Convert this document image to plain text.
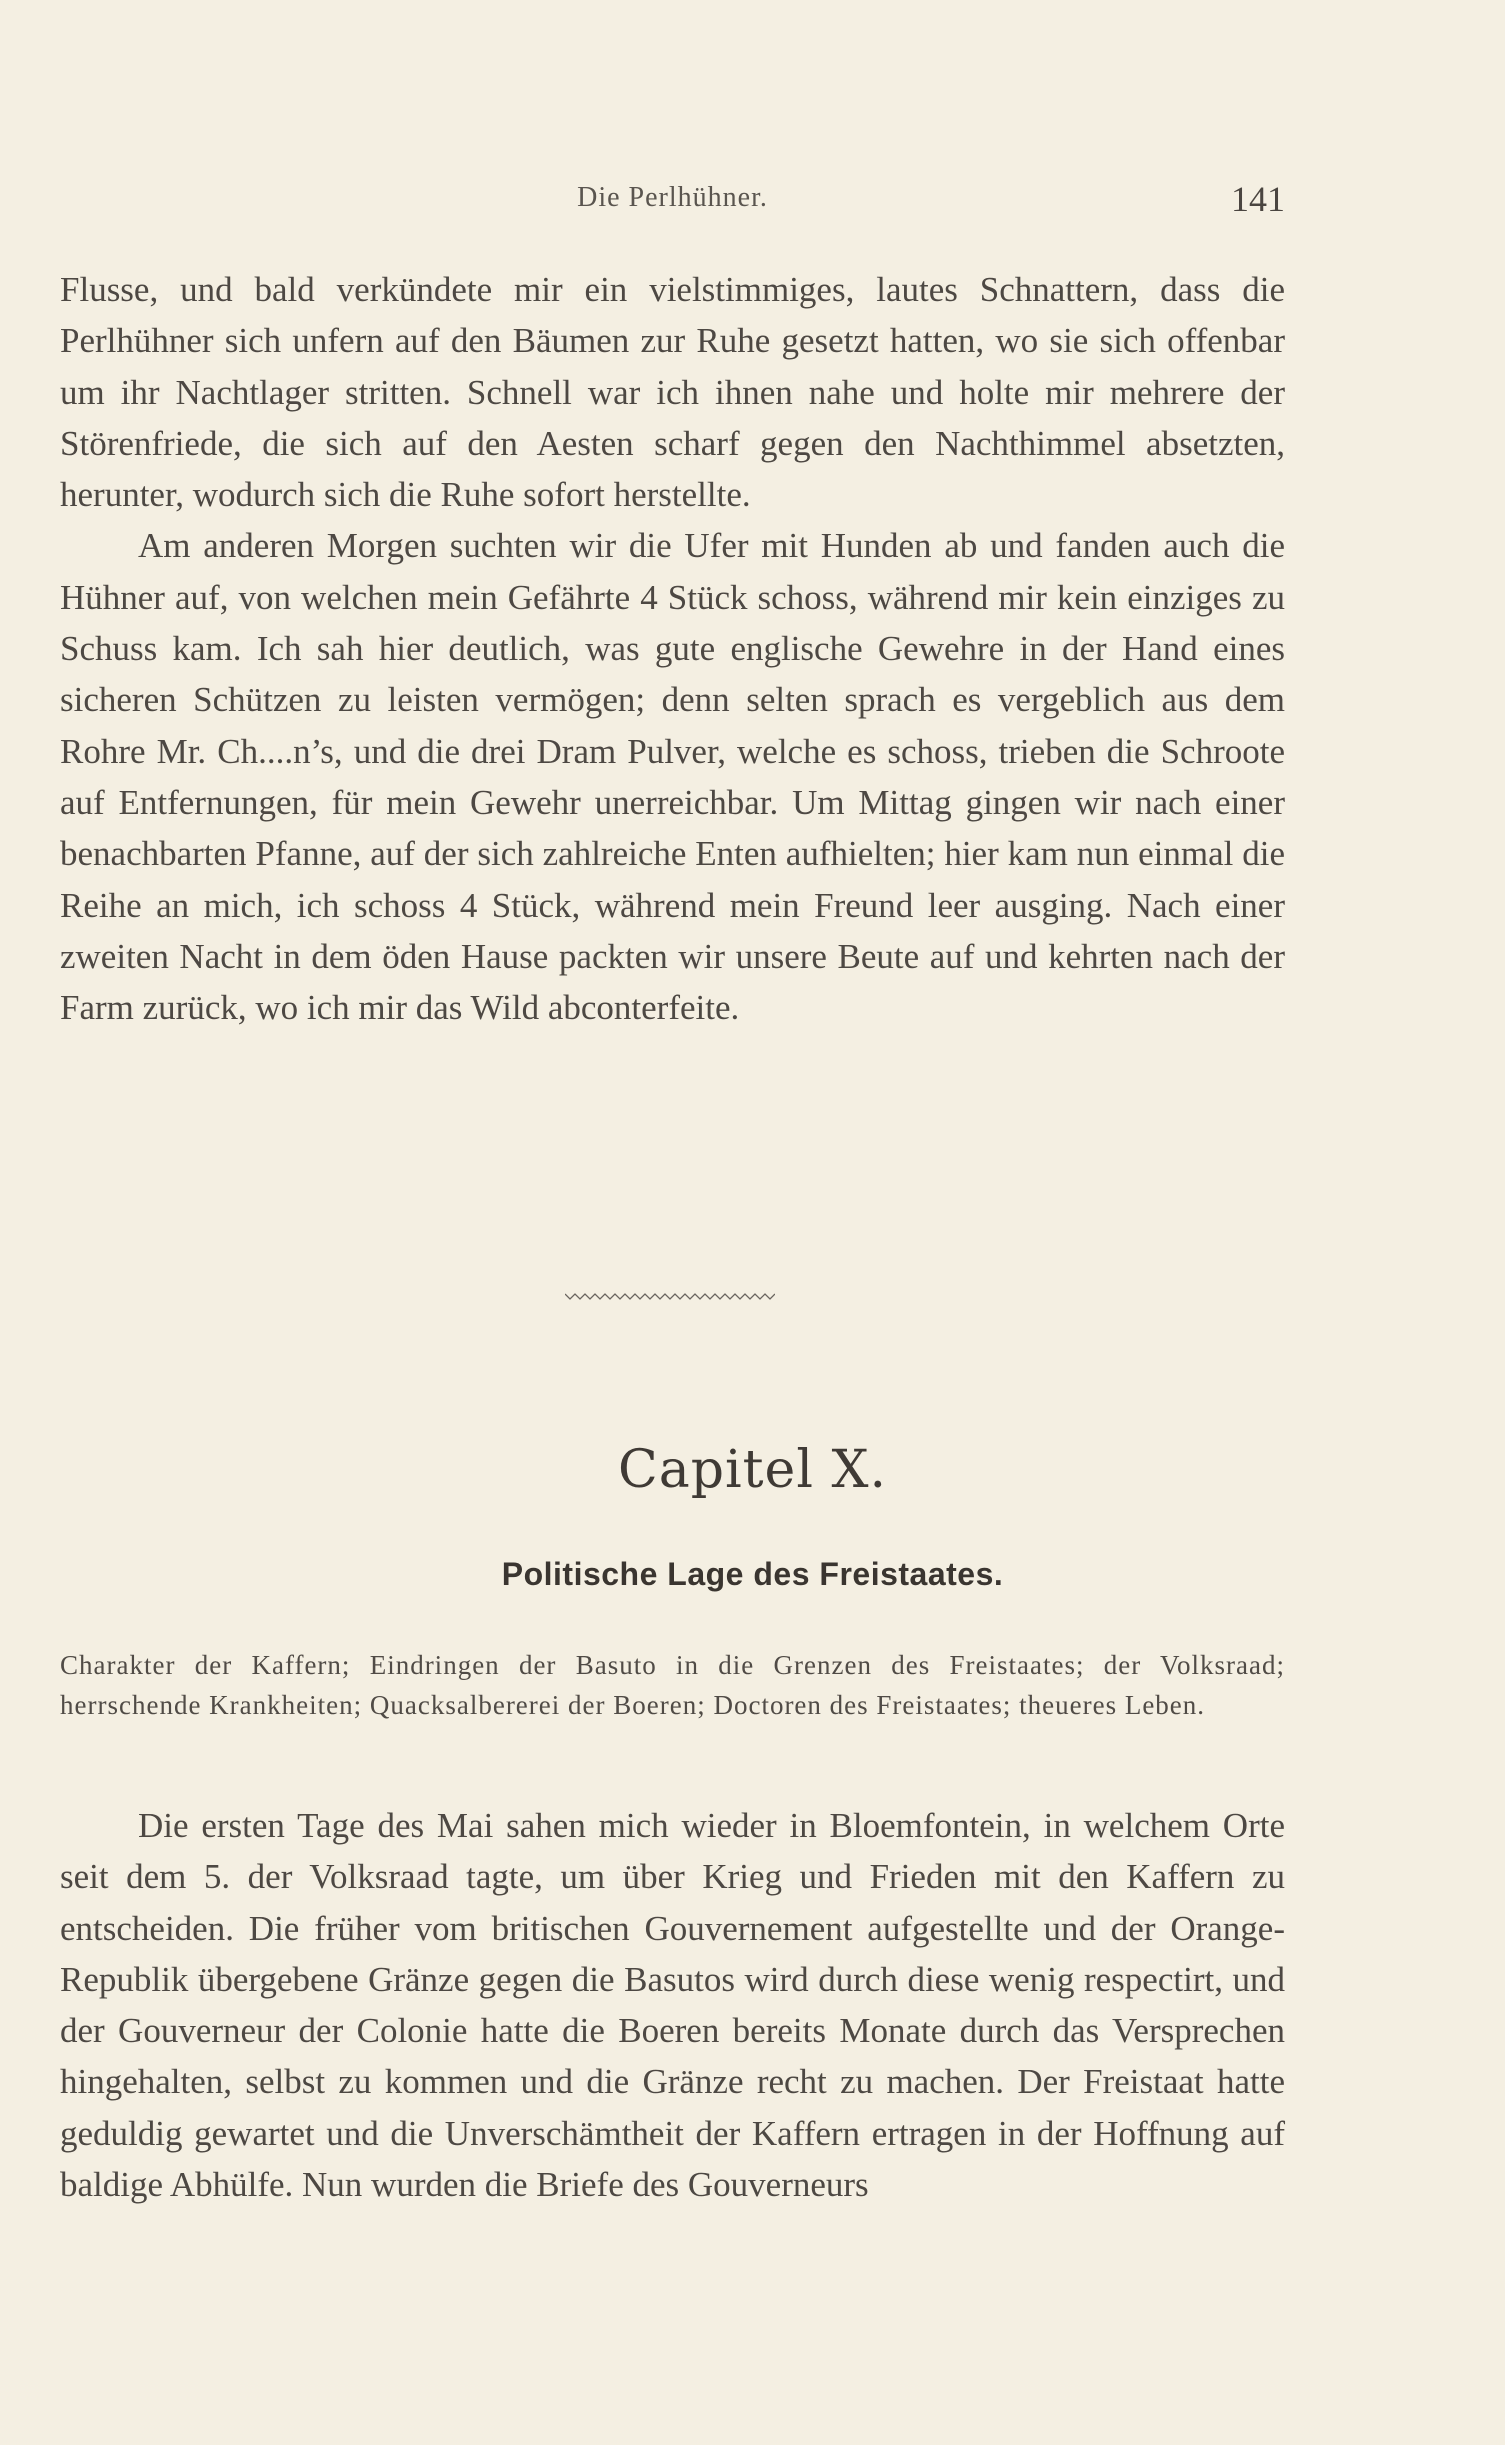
Die Perlhühner.	141

Flusse, und bald verkündete mir ein vielstimmiges, lautes Schnattern, dass die Perlhühner sich unfern auf den Bäumen zur Ruhe gesetzt hatten, wo sie sich offenbar um ihr Nachtlager stritten. Schnell war ich ihnen nahe und holte mir mehrere der Störenfriede, die sich auf den Aesten scharf gegen den Nachthimmel absetzten, herunter, wodurch sich die Ruhe sofort herstellte.

Am anderen Morgen suchten wir die Ufer mit Hunden ab und fanden auch die Hühner auf, von welchen mein Gefährte 4 Stück schoss, während mir kein einziges zu Schuss kam. Ich sah hier deutlich, was gute englische Gewehre in der Hand eines sicheren Schützen zu leisten vermögen; denn selten sprach es vergeblich aus dem Rohre Mr. Ch....n’s, und die drei Dram Pulver, welche es schoss, trieben die Schroote auf Entfernungen, für mein Gewehr unerreichbar. Um Mittag gingen wir nach einer benachbarten Pfanne, auf der sich zahlreiche Enten aufhielten; hier kam nun einmal die Reihe an mich, ich schoss 4 Stück, während mein Freund leer ausging. Nach einer zweiten Nacht in dem öden Hause packten wir unsere Beute auf und kehrten nach der Farm zurück, wo ich mir das Wild abconterfeite.

Capitel X.
Politische Lage des Freistaates.
Charakter der Kaffern; Eindringen der Basuto in die Grenzen des Freistaates; der Volksraad; herrschende Krankheiten; Quacksalbererei der Boeren; Doctoren des Freistaates; theueres Leben.

Die ersten Tage des Mai sahen mich wieder in Bloemfontein, in welchem Orte seit dem 5. der Volksraad tagte, um über Krieg und Frieden mit den Kaffern zu entscheiden. Die früher vom britischen Gouvernement aufgestellte und der Orange-Republik übergebene Gränze gegen die Basutos wird durch diese wenig respectirt, und der Gouverneur der Colonie hatte die Boeren bereits Monate durch das Versprechen hingehalten, selbst zu kommen und die Gränze recht zu machen. Der Freistaat hatte geduldig gewartet und die Unverschämtheit der Kaffern ertragen in der Hoffnung auf baldige Abhülfe. Nun wurden die Briefe des Gouverneurs
